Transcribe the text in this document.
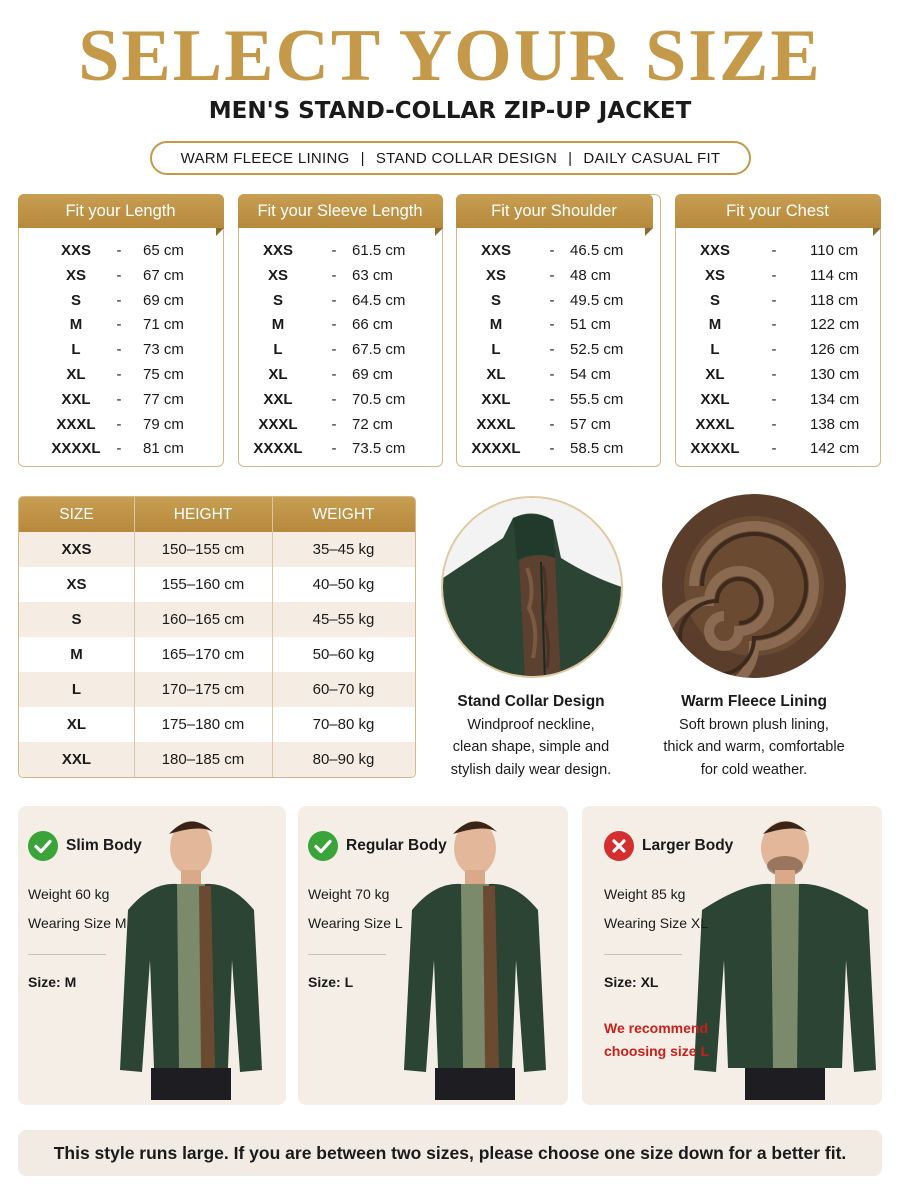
SELECT YOUR SIZE
MEN'S STAND-COLLAR ZIP-UP JACKET
WARM FLEECE LINING | STAND COLLAR DESIGN | DAILY CASUAL FIT
Fit your Length
XXS	-	65 cm
XS	-	67 cm
S	-	69 cm
M	-	71 cm
L	-	73 cm
XL	-	75 cm
XXL	-	77 cm
XXXL	-	79 cm
XXXXL	-	81 cm
Fit your Sleeve Length
XXS	-	61.5 cm
XS	-	63 cm
S	-	64.5 cm
M	-	66 cm
L	-	67.5 cm
XL	-	69 cm
XXL	-	70.5 cm
XXXL	-	72 cm
XXXXL	-	73.5 cm
Fit your Shoulder
XXS	-	46.5 cm
XS	-	48 cm
S	-	49.5 cm
M	-	51 cm
L	-	52.5 cm
XL	-	54 cm
XXL	-	55.5 cm
XXXL	-	57 cm
XXXXL	-	58.5 cm
Fit your Chest
XXS	-	110 cm
XS	-	114 cm
S	-	118 cm
M	-	122 cm
L	-	126 cm
XL	-	130 cm
XXL	-	134 cm
XXXL	-	138 cm
XXXXL	-	142 cm
SIZE	HEIGHT	WEIGHT
XXS	150–155 cm	35–45 kg
XS	155–160 cm	40–50 kg
S	160–165 cm	45–55 kg
M	165–170 cm	50–60 kg
L	170–175 cm	60–70 kg
XL	175–180 cm	70–80 kg
XXL	180–185 cm	80–90 kg
Stand Collar Design
Windproof neckline,
clean shape, simple and
stylish daily wear design.
Warm Fleece Lining
Soft brown plush lining,
thick and warm, comfortable
for cold weather.
Slim Body
Weight 60 kg
Wearing Size M
Size: M
Regular Body
Weight 70 kg
Wearing Size L
Size: L
Larger Body
Weight 85 kg
Wearing Size XL
Size: XL
We recommend
choosing size L
This style runs large. If you are between two sizes, please choose one size down for a better fit.
